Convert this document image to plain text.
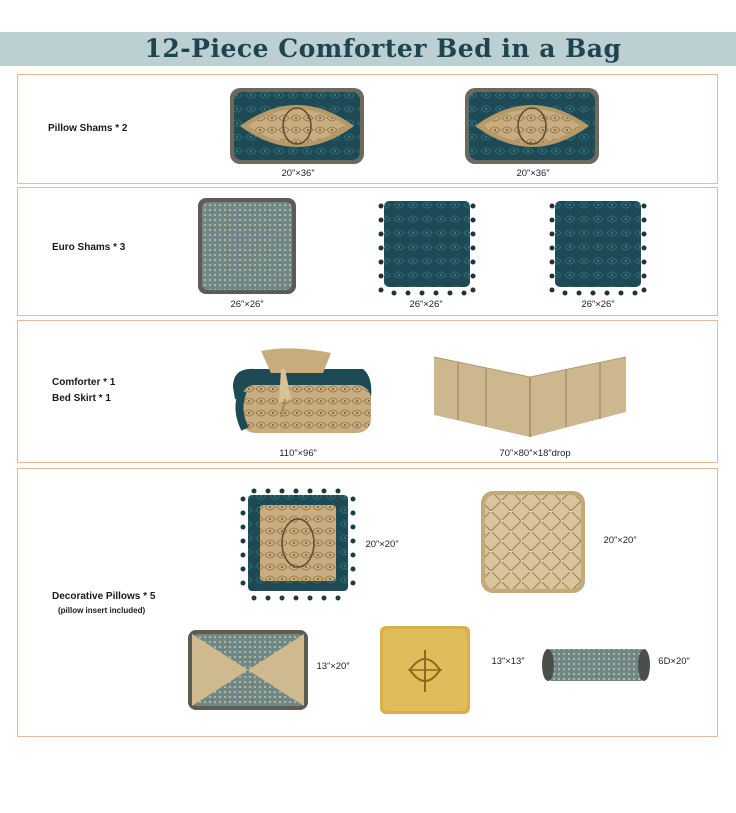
12-Piece Comforter Bed in a Bag
Pillow Shams * 2
20”×36”	20”×36”
Euro Shams * 3
26”×26”	26”×26”	26”×26”
Comforter * 1
Bed Skirt * 1
110”×96”	70”×80”×18”drop
Decorative Pillows * 5
(pillow insert included)
20”×20”	20”×20”
13”×20”	13”×13”	6D×20”
